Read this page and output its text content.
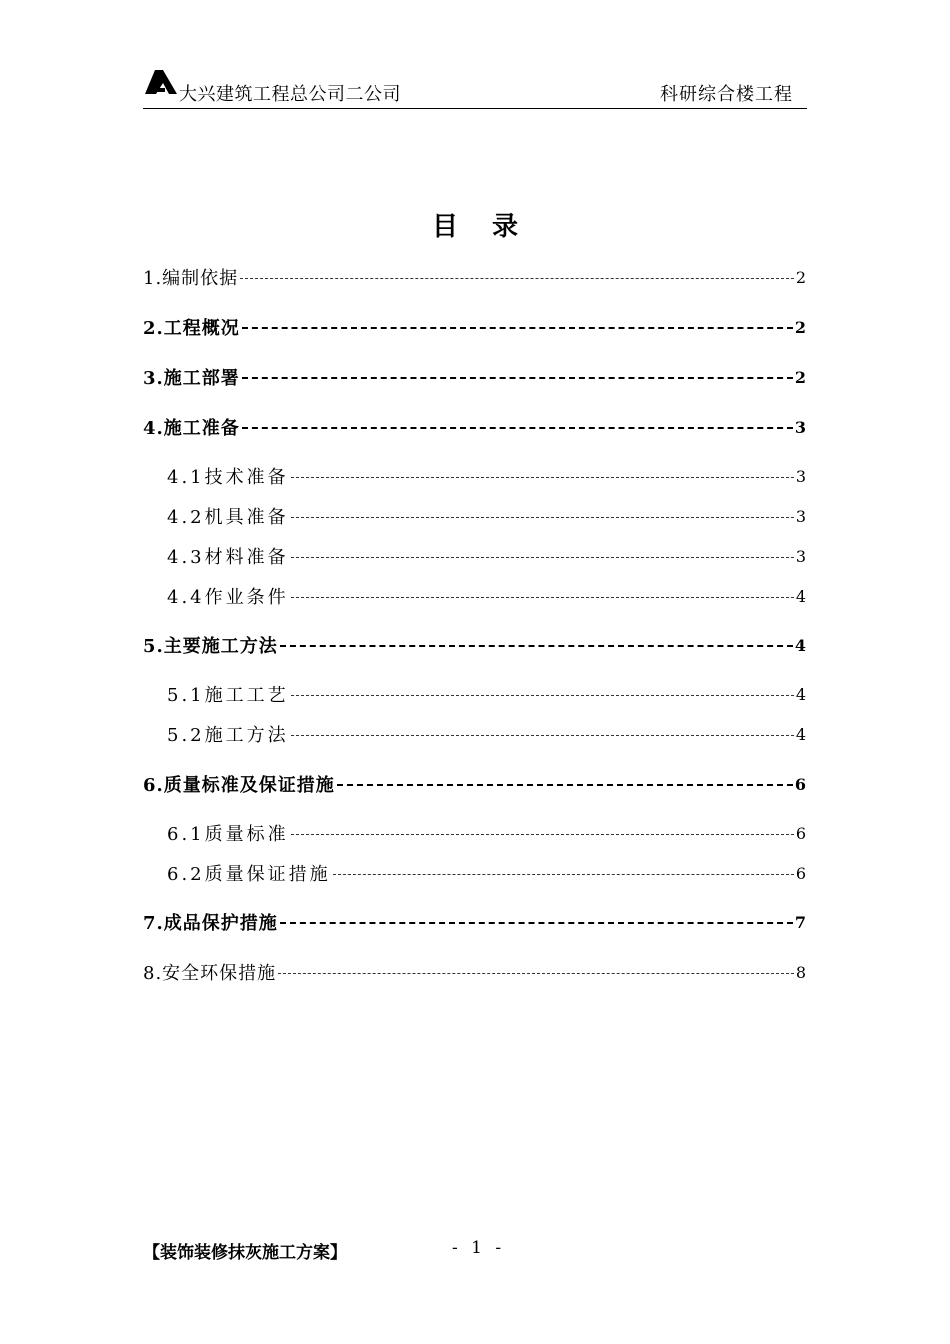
大兴建筑工程总公司二公司	科研综合楼工程
目录
1.编制依据	2
2.工程概况	2
3.施工部署	2
4.施工准备	3
4.1技术准备	3
4.2机具准备	3
4.3材料准备	3
4.4作业条件	4
5.主要施工方法	4
5.1施工工艺	4
5.2施工方法	4
6.质量标准及保证措施	6
6.1质量标准	6
6.2质量保证措施	6
7.成品保护措施	7
8.安全环保措施	8
【装饰装修抹灰施工方案】	- 1 -
